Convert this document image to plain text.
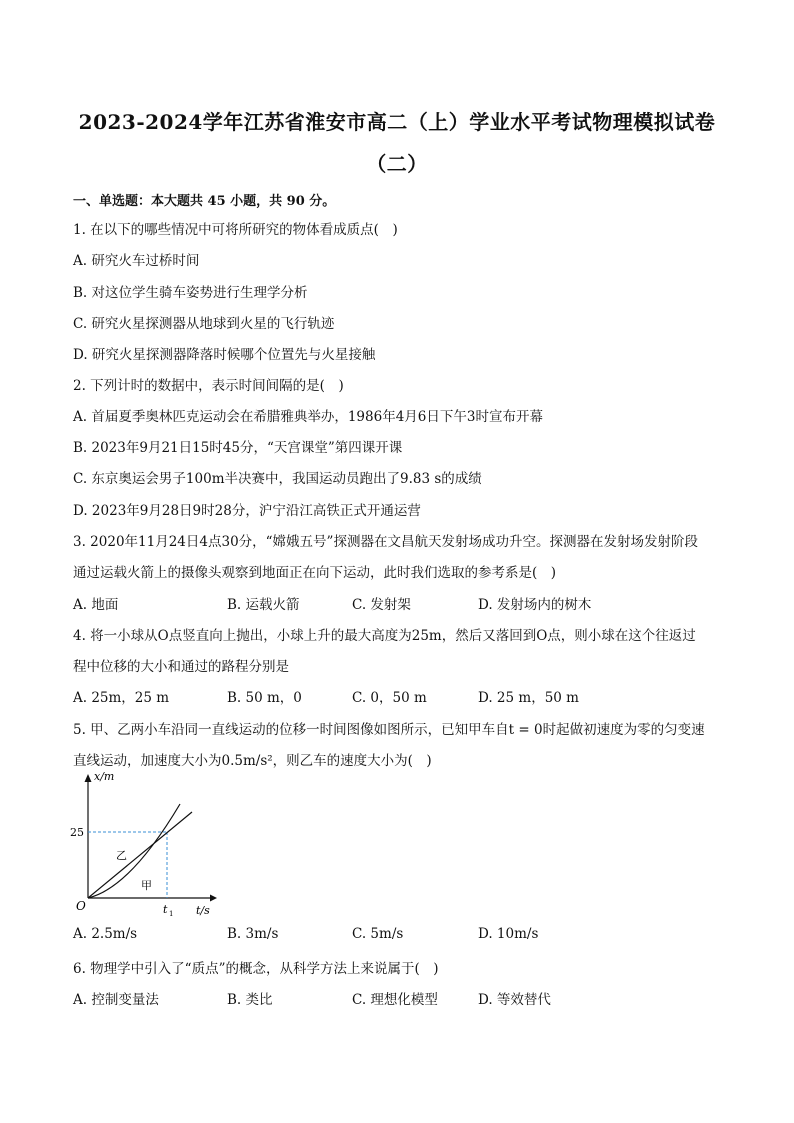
2023-2024学年江苏省淮安市高二（上）学业水平考试物理模拟试卷
（二）
一、单选题：本大题共 45 小题，共 90 分。
1. 在以下的哪些情况中可将所研究的物体看成质点(　)
A. 研究火车过桥时间
B. 对这位学生骑车姿势进行生理学分析
C. 研究火星探测器从地球到火星的飞行轨迹
D. 研究火星探测器降落时候哪个位置先与火星接触
2. 下列计时的数据中，表示时间间隔的是(　)
A. 首届夏季奥林匹克运动会在希腊雅典举办，1986年4月6日下午3时宣布开幕
B. 2023年9月21日15时45分，“天宫课堂”第四课开课
C. 东京奥运会男子100m半决赛中，我国运动员跑出了9.83 s的成绩
D. 2023年9月28日9时28分，沪宁沿江高铁正式开通运营
3. 2020年11月24日4点30分，“嫦娥五号”探测器在文昌航天发射场成功升空。探测器在发射场发射阶段
通过运载火箭上的摄像头观察到地面正在向下运动，此时我们选取的参考系是(　)
A. 地面	B. 运载火箭	C. 发射架	D. 发射场内的树木
4. 将一小球从O点竖直向上抛出，小球上升的最大高度为25m，然后又落回到O点，则小球在这个往返过
程中位移的大小和通过的路程分别是
A. 25m，25 m	B. 50 m，0	C. 0，50 m	D. 25 m，50 m
5. 甲、乙两小车沿同一直线运动的位移一时间图像如图所示，已知甲车自t = 0时起做初速度为零的匀变速
直线运动，加速度大小为0.5m/s²，则乙车的速度大小为(　)
x/m
t/s
O
25
t 1
乙
甲
A. 2.5m/s	B. 3m/s	C. 5m/s	D. 10m/s
6. 物理学中引入了“质点”的概念，从科学方法上来说属于(　)
A. 控制变量法	B. 类比	C. 理想化模型	D. 等效替代
